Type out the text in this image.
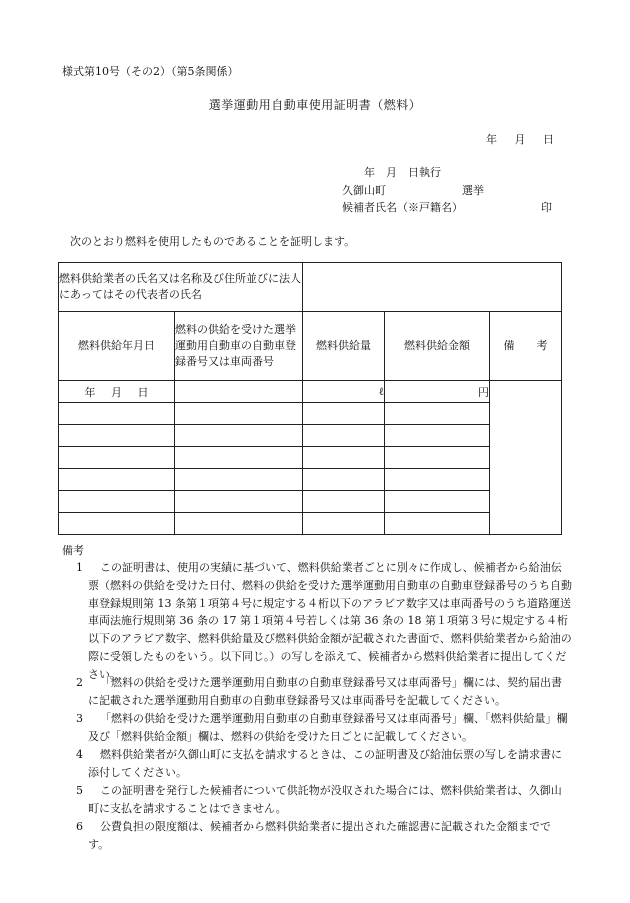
様式第10号（その2）（第5条関係）
選挙運動用自動車使用証明書（燃料）
年 月 日
年　月　日執行
久御山町	選挙
候補者氏名（※戸籍名）	印
次のとおり燃料を使用したものであることを証明します。
燃料供給業者の氏名又は名称及び住所並びに法人にあってはその代表者の氏名				
燃料供給年月日	燃料の供給を受けた選挙運動用自動車の自動車登録番号又は車両番号	燃料供給量	燃料供給金額	備　　考
年 月 日		ℓ	円	

備考
1	この証明書は、使用の実績に基づいて、燃料供給業者ごとに別々に作成し、候補者から給油伝票（燃料の供給を受けた日付、燃料の供給を受けた選挙運動用自動車の自動車登録番号のうち自動車登録規則第 13 条第１項第４号に規定する４桁以下のアラビア数字又は車両番号のうち道路運送車両法施行規則第 36 条の 17 第１項第４号若しくは第 36 条の 18 第１項第３号に規定する４桁以下のアラビア数字、燃料供給量及び燃料供給金額が記載された書面で、燃料供給業者から給油の際に受領したものをいう。以下同じ。）の写しを添えて、候補者から燃料供給業者に提出してください。
2	「燃料の供給を受けた選挙運動用自動車の自動車登録番号又は車両番号」欄には、契約届出書に記載された選挙運動用自動車の自動車登録番号又は車両番号を記載してください。
3	「燃料の供給を受けた選挙運動用自動車の自動車登録番号又は車両番号」欄、「燃料供給量」欄及び「燃料供給金額」欄は、燃料の供給を受けた日ごとに記載してください。
4	燃料供給業者が久御山町に支払を請求するときは、この証明書及び給油伝票の写しを請求書に添付してください。
5	この証明書を発行した候補者について供託物が没収された場合には、燃料供給業者は、久御山町に支払を請求することはできません。
6	公費負担の限度額は、候補者から燃料供給業者に提出された確認書に記載された金額までです。
